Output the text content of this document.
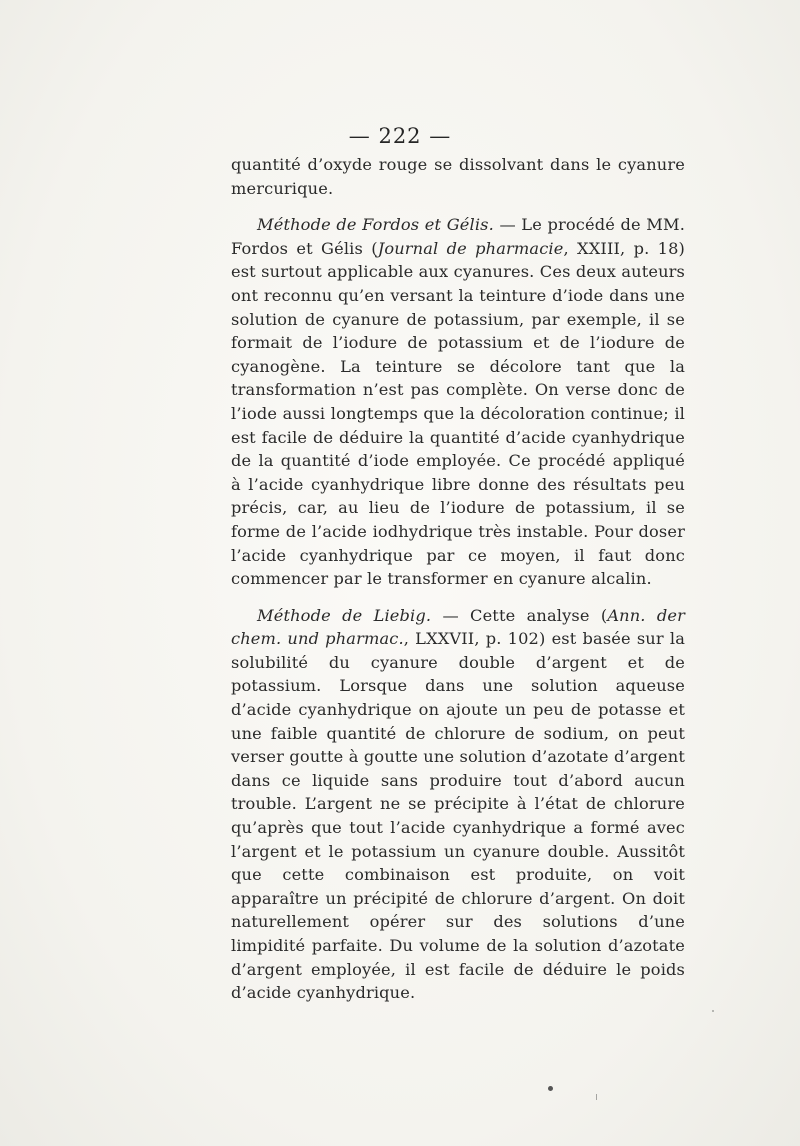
— 222 —

quantité d’oxyde rouge se dissolvant dans le cyanure mercurique.

Méthode de Fordos et Gélis. — Le procédé de MM. Fordos et Gélis (Journal de pharmacie, XXIII, p. 18) est surtout applicable aux cyanures. Ces deux auteurs ont reconnu qu’en versant la teinture d’iode dans une solution de cyanure de potassium, par exemple, il se formait de l’iodure de potassium et de l’iodure de cyanogène. La teinture se décolore tant que la transformation n’est pas complète. On verse donc de l’iode aussi longtemps que la décoloration continue; il est facile de déduire la quantité d’acide cyanhydrique de la quantité d’iode employée. Ce procédé appliqué à l’acide cyanhydrique libre donne des résultats peu précis, car, au lieu de l’iodure de potassium, il se forme de l’acide iodhydrique très instable. Pour doser l’acide cyanhydrique par ce moyen, il faut donc commencer par le transformer en cyanure alcalin.

Méthode de Liebig. — Cette analyse (Ann. der chem. und pharmac., LXXVII, p. 102) est basée sur la solubilité du cyanure double d’argent et de potassium. Lorsque dans une solution aqueuse d’acide cyanhydrique on ajoute un peu de potasse et une faible quantité de chlorure de sodium, on peut verser goutte à goutte une solution d’azotate d’argent dans ce liquide sans produire tout d’abord aucun trouble. L’argent ne se précipite à l’état de chlorure qu’après que tout l’acide cyanhydrique a formé avec l’argent et le potassium un cyanure double. Aussitôt que cette combinaison est produite, on voit apparaître un précipité de chlorure d’argent. On doit naturellement opérer sur des solutions d’une limpidité parfaite. Du volume de la solution d’azotate d’argent employée, il est facile de déduire le poids d’acide cyanhydrique.
